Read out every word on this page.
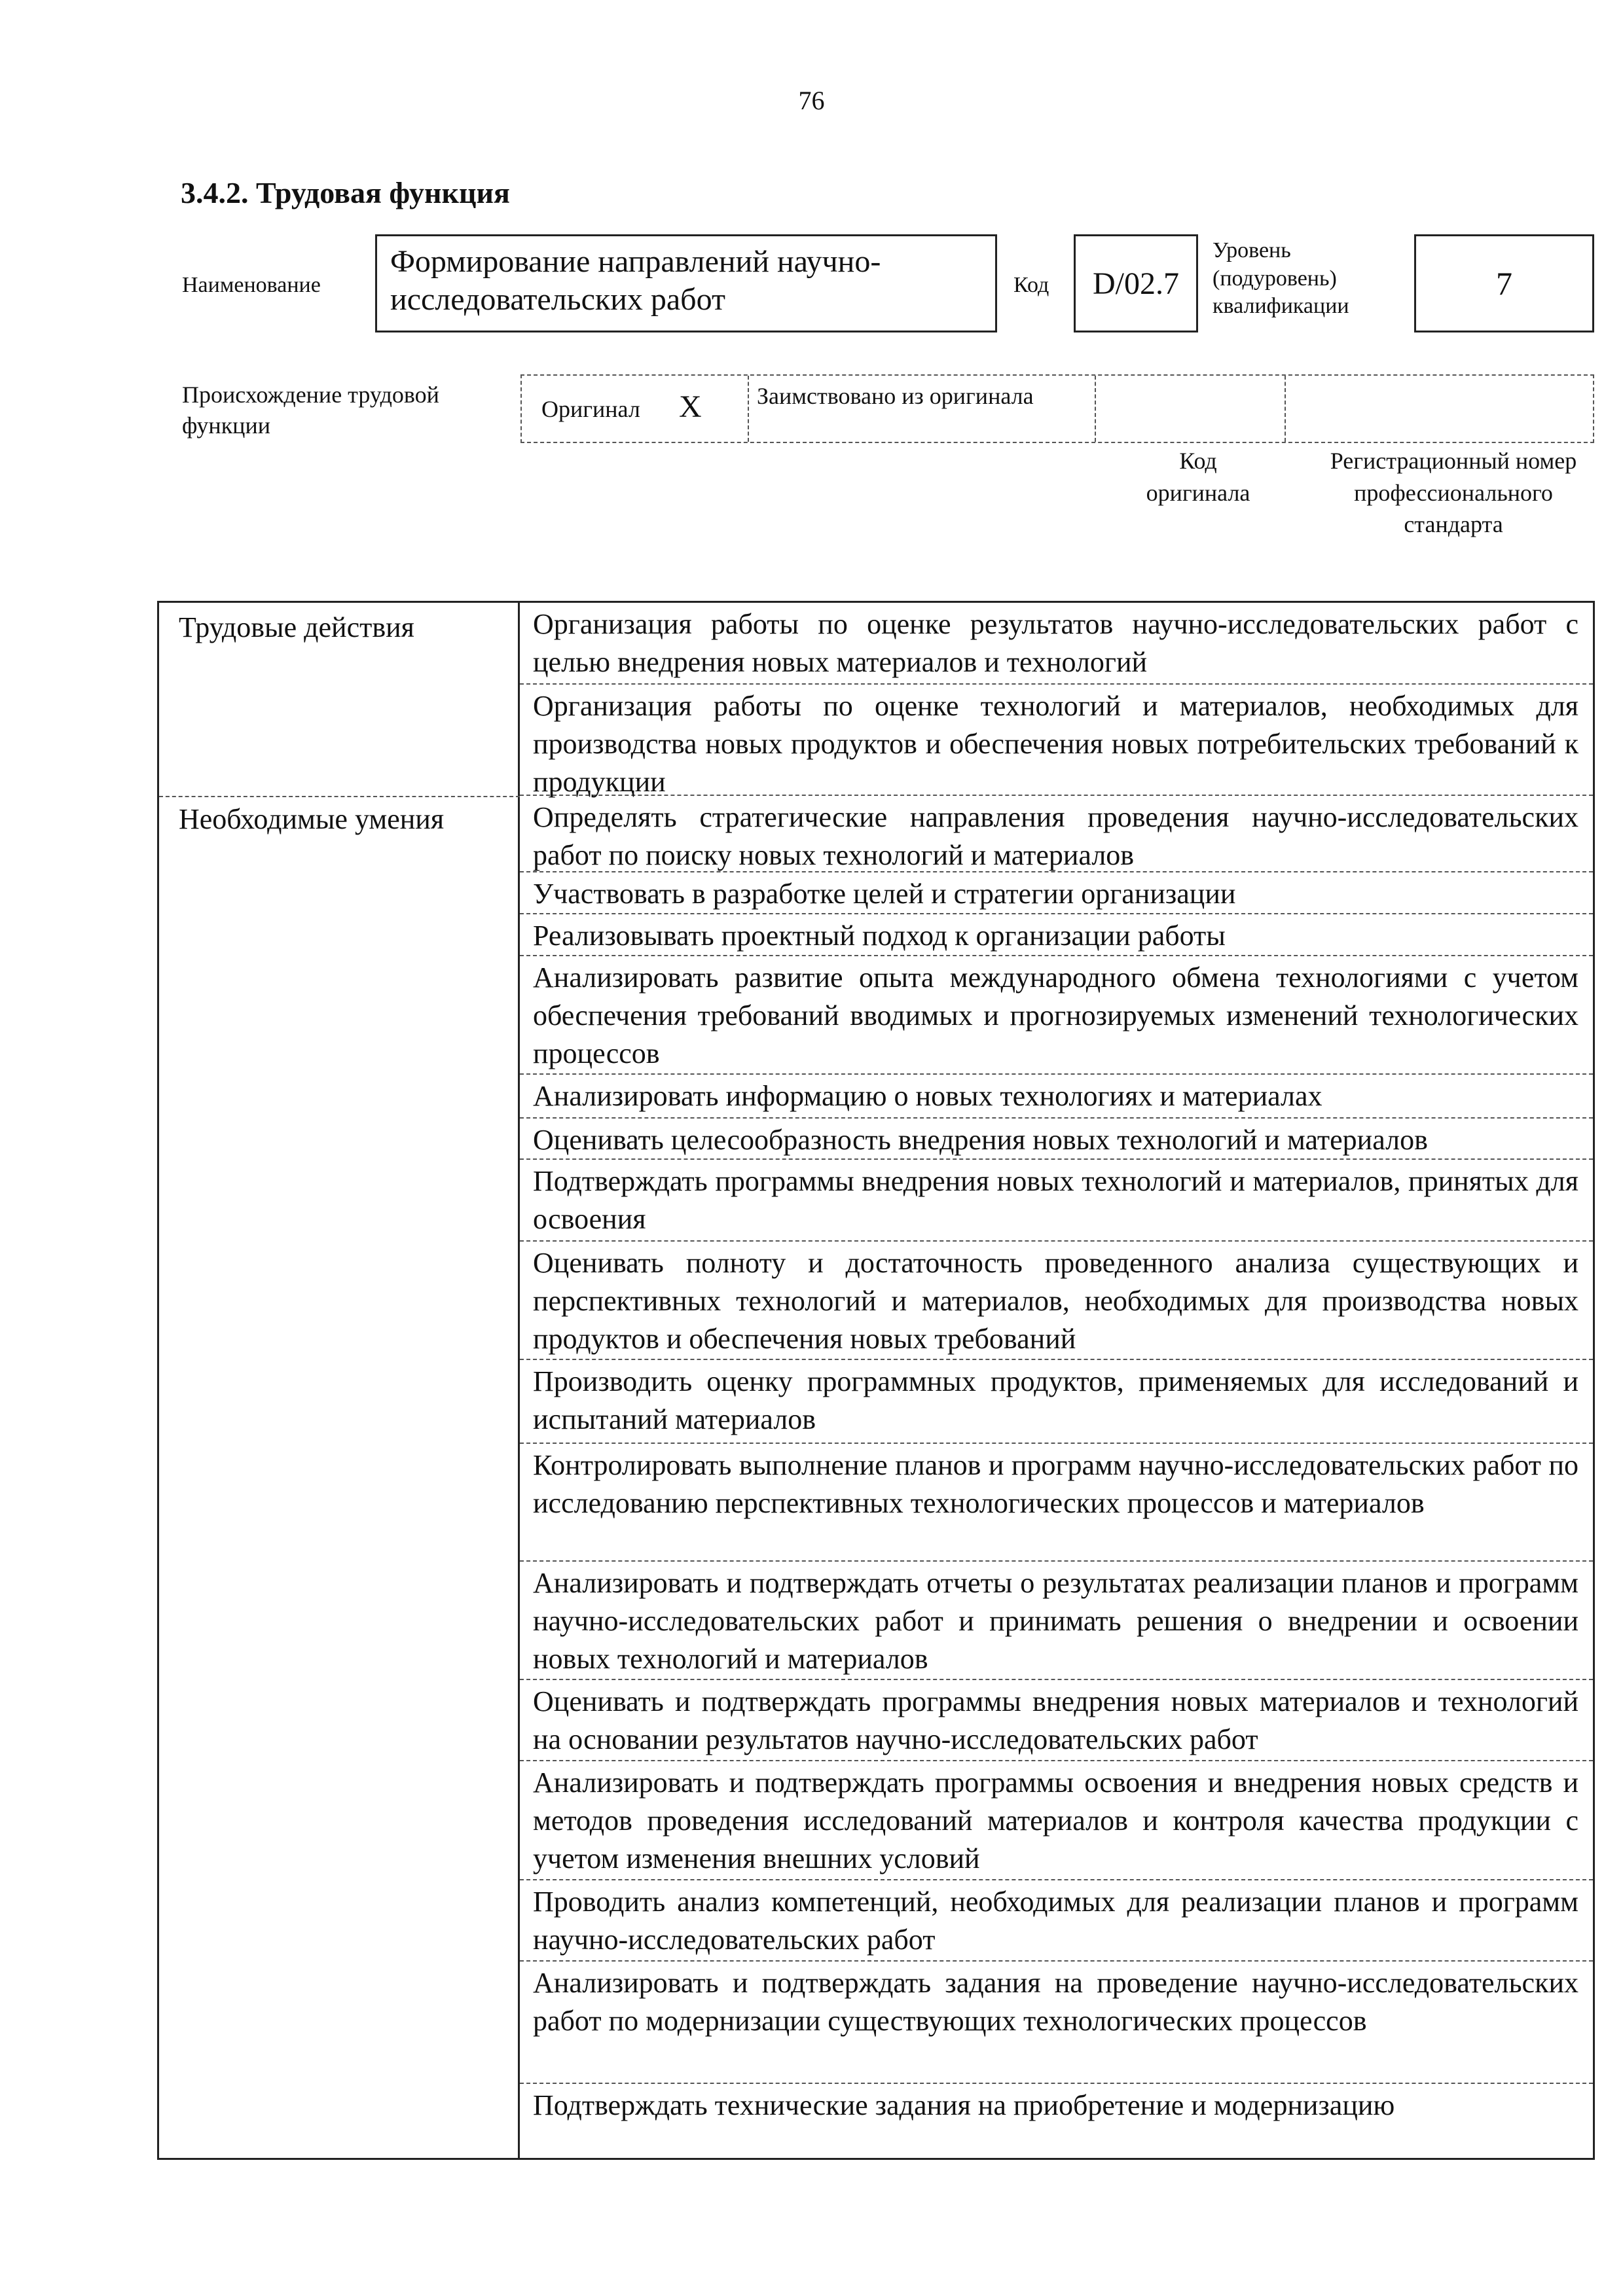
76
3.4.2. Трудовая функция
Наименование
Формирование направлений научно-исследовательских работ	Код	D/02.7
Уровень (подуровень) квалификации
7
Происхождение трудовой функции
Оригинал X Заимствовано из оригинала
Код оригинала
Регистрационный номер профессионального стандарта
Трудовые действия
Необходимые умения
Организация работы по оценке результатов научно-исследовательских работ с целью внедрения новых материалов и технологий
Организация работы по оценке технологий и материалов, необходимых для производства новых продуктов и обеспечения новых потребительских требований к продукции
Определять стратегические направления проведения научно-исследовательских работ по поиску новых технологий и материалов
Участвовать в разработке целей и стратегии организации
Реализовывать проектный подход к организации работы
Анализировать развитие опыта международного обмена технологиями с учетом обеспечения требований вводимых и прогнозируемых изменений технологических процессов
Анализировать информацию о новых технологиях и материалах
Оценивать целесообразность внедрения новых технологий и материалов
Подтверждать программы внедрения новых технологий и материалов, принятых для освоения
Оценивать полноту и достаточность проведенного анализа существующих и перспективных технологий и материалов, необходимых для производства новых продуктов и обеспечения новых требований
Производить оценку программных продуктов, применяемых для исследований и испытаний материалов
Контролировать выполнение планов и программ научно-исследовательских работ по исследованию перспективных технологических процессов и материалов
Анализировать и подтверждать отчеты о результатах реализации планов и программ научно-исследовательских работ и принимать решения о внедрении и освоении новых технологий и материалов
Оценивать и подтверждать программы внедрения новых материалов и технологий на основании результатов научно-исследовательских работ
Анализировать и подтверждать программы освоения и внедрения новых средств и методов проведения исследований материалов и контроля качества продукции с учетом изменения внешних условий
Проводить анализ компетенций, необходимых для реализации планов и программ научно-исследовательских работ
Анализировать и подтверждать задания на проведение научно-исследовательских работ по модернизации существующих технологических процессов
Подтверждать технические задания на приобретение и модернизацию
